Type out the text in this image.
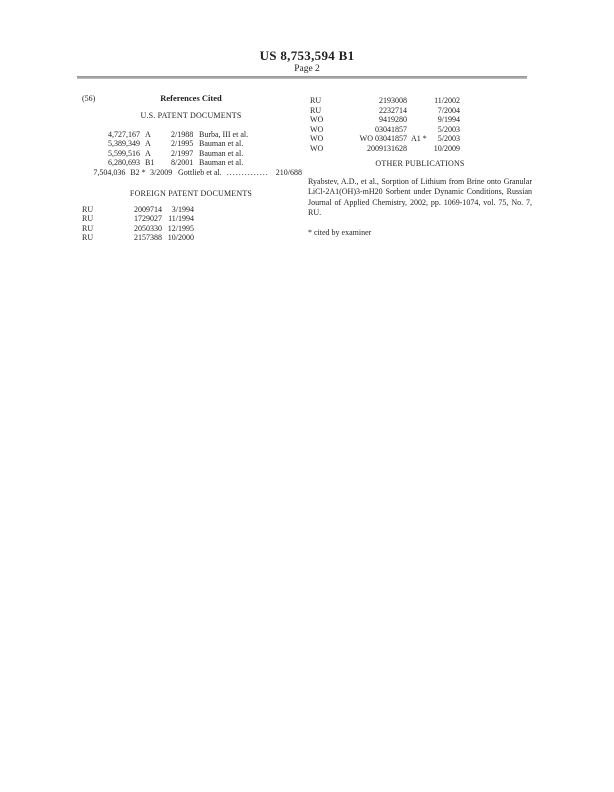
US 8,753,594 B1
Page 2
(56)	References Cited
U.S. PATENT DOCUMENTS
4,727,167 A	2/1988 Burba, III et al.
5,389,349 A	2/1995 Bauman et al.
5,599,516 A	2/1997 Bauman et al.
6,280,693 B1	8/2001 Bauman et al.
7,504,036 B2 * 3/2009 Gottlieb et al. .............. 210/688
FOREIGN PATENT DOCUMENTS
RU	2009714	3/1994
RU	1729027 11/1994
RU	2050330 12/1995
RU	2157388 10/2000
RU	2193008	11/2002
RU	2232714	7/2004
WO	9419280	9/1994
WO	03041857	5/2003
WO	WO 03041857 A1 *	5/2003
WO	2009131628	10/2009
OTHER PUBLICATIONS
Ryabstev, A.D., et al., Sorption of Lithium from Brine onto Granular LiCl-2A1(OH)3-mH20 Sorbent under Dynamic Conditions, Russian Journal of Applied Chemistry, 2002, pp. 1069-1074, vol. 75, No. 7, RU.
* cited by examiner
